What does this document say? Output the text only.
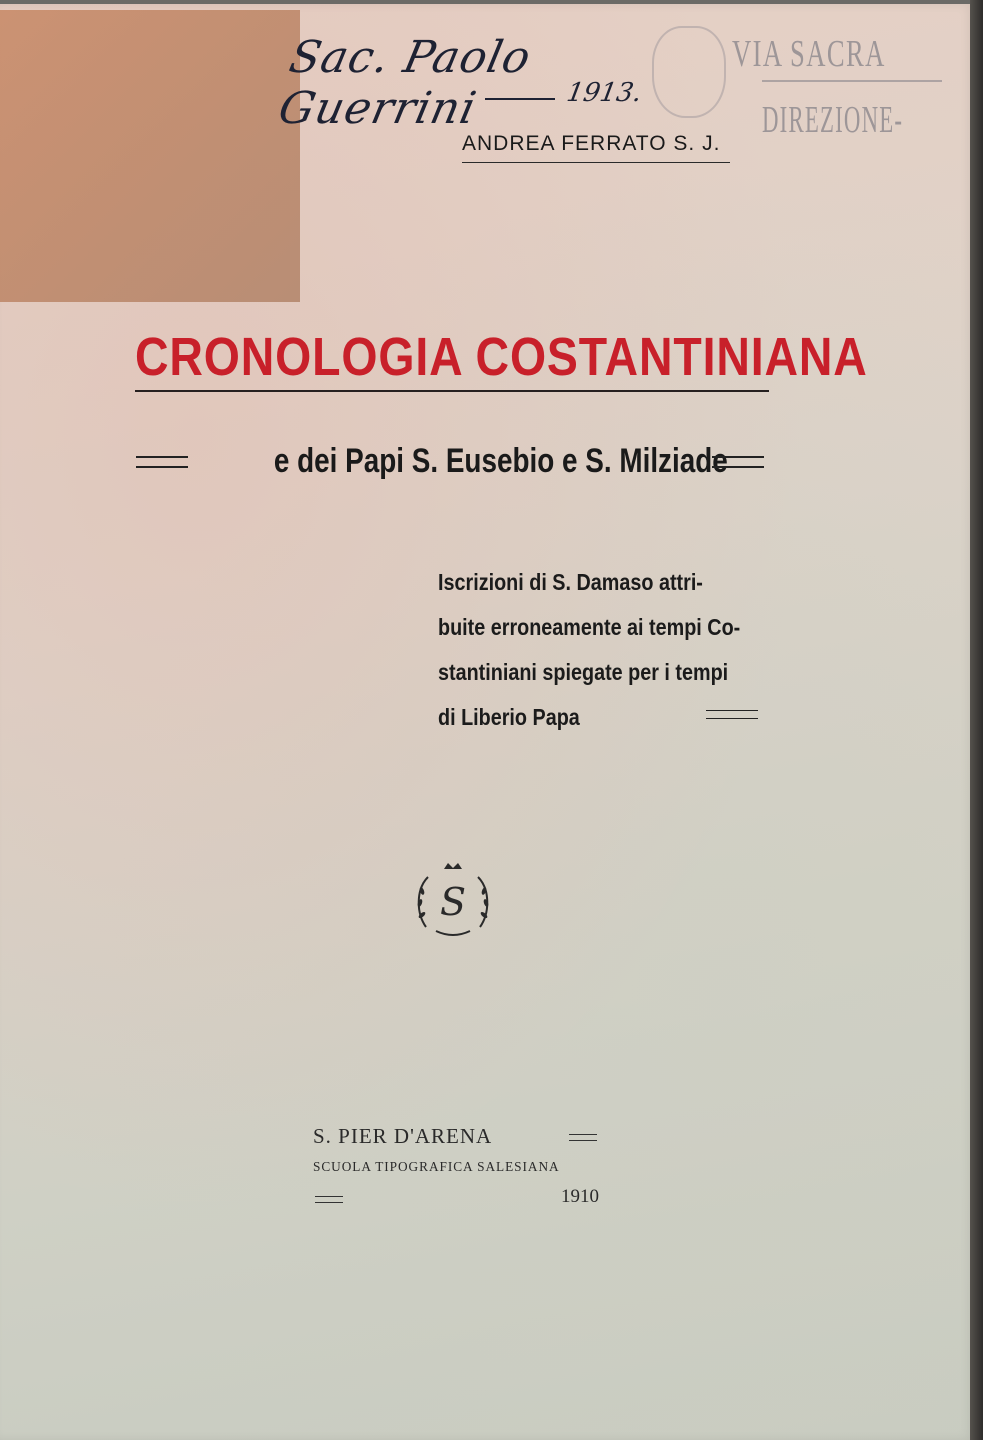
Sac. Paolo Guerrini	1913.
VIA SACRA
DIREZIONE-
ANDREA FERRATO S. J.
CRONOLOGIA COSTANTINIANA
e dei Papi S. Eusebio e S. Milziade
Iscrizioni di S. Damaso attri-
buite erroneamente ai tempi Co-
stantiniani spiegate per i tempi
di Liberio Papa
S
S. PIER D'ARENA
SCUOLA TIPOGRAFICA SALESIANA
1910
